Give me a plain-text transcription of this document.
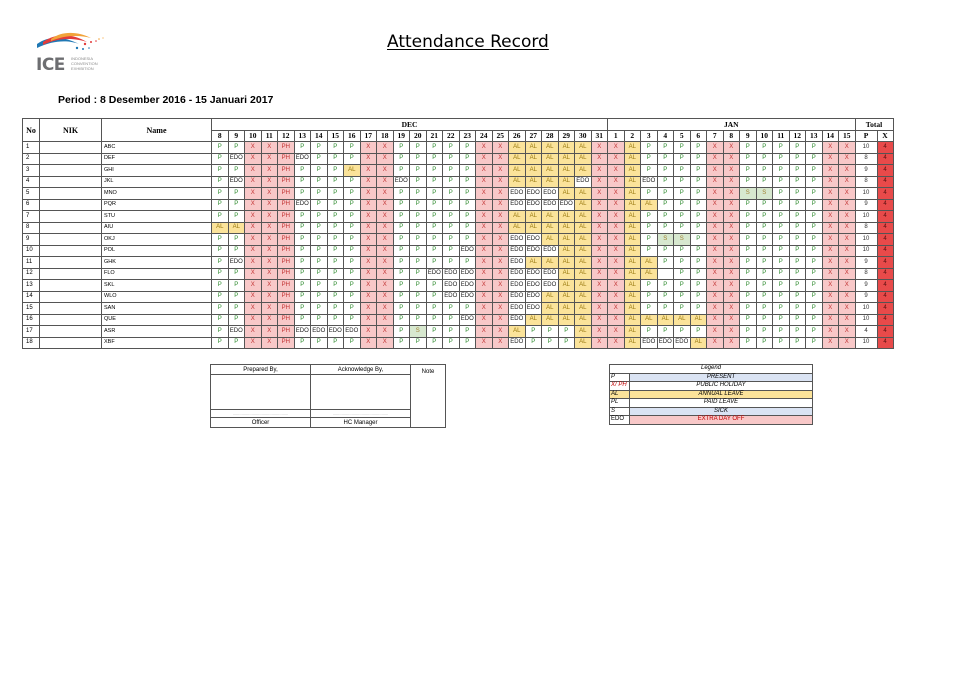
ICE INDONESIA
CONVENTION
EXHIBITION
Attendance Record
Period : 8 Desember 2016 - 15 Januari 2017
No	NIK	Name	DEC																								JAN															Total	
			8	9	10	11	12	13	14	15	16	17	18	19	20	21	22	23	24	25	26	27	28	29	30	31	1	2	3	4	5	6	7	8	9	10	11	12	13	14	15	P	X
1		ABC	P	P	X	X	PH	P	P	P	P	X	X	P	P	P	P	P	X	X	AL	AL	AL	AL	AL	X	X	AL	P	P	P	P	X	X	P	P	P	P	P	X	X	10	4
2		DEF	P	EDO	X	X	PH	EDO	P	P	P	X	X	P	P	P	P	P	X	X	AL	AL	AL	AL	AL	X	X	AL	P	P	P	P	X	X	P	P	P	P	P	X	X	8	4
3		GHI	P	P	X	X	PH	P	P	P	AL	X	X	P	P	P	P	P	X	X	AL	AL	AL	AL	AL	X	X	AL	P	P	P	P	X	X	P	P	P	P	P	X	X	9	4
4		JKL	P	EDO	X	X	PH	P	P	P	P	X	X	EDO	P	P	P	P	X	X	AL	AL	AL	AL	EDO	X	X	AL	EDO	P	P	P	X	X	P	P	P	P	P	X	X	8	4
5		MNO	P	P	X	X	PH	P	P	P	P	X	X	P	P	P	P	P	X	X	EDO	EDO	EDO	AL	AL	X	X	AL	P	P	P	P	X	X	S	S	P	P	P	X	X	10	4
6		PQR	P	P	X	X	PH	EDO	P	P	P	X	X	P	P	P	P	P	X	X	EDO	EDO	EDO	EDO	AL	X	X	AL	AL	P	P	P	X	X	P	P	P	P	P	X	X	9	4
7		STU	P	P	X	X	PH	P	P	P	P	X	X	P	P	P	P	P	X	X	AL	AL	AL	AL	AL	X	X	AL	P	P	P	P	X	X	P	P	P	P	P	X	X	10	4
8		AIU	AL	AL	X	X	PH	P	P	P	P	X	X	P	P	P	P	P	X	X	AL	AL	AL	AL	AL	X	X	AL	P	P	P	P	X	X	P	P	P	P	P	X	X	8	4
9		OKJ	P	P	X	X	PH	P	P	P	P	X	X	P	P	P	P	P	X	X	EDO	EDO	AL	AL	AL	X	X	AL	P	S	S	P	X	X	P	P	P	P	P	X	X	10	4
10		POL	P	P	X	X	PH	P	P	P	P	X	X	P	P	P	P	EDO	X	X	EDO	EDO	EDO	AL	AL	X	X	AL	P	P	P	P	X	X	P	P	P	P	P	X	X	10	4
11		GHK	P	EDO	X	X	PH	P	P	P	P	X	X	P	P	P	P	P	X	X	EDO	AL	AL	AL	AL	X	X	AL	AL	P	P	P	X	X	P	P	P	P	P	X	X	9	4
12		FLO	P	P	X	X	PH	P	P	P	P	X	X	P	P	EDO	EDO	EDO	X	X	EDO	EDO	EDO	AL	AL	X	X	AL	AL		P	P	X	X	P	P	P	P	P	X	X	8	4
13		SKL	P	P	X	X	PH	P	P	P	P	X	X	P	P	P	EDO	EDO	X	X	EDO	EDO	EDO	AL	AL	X	X	AL	P	P	P	P	X	X	P	P	P	P	P	X	X	9	4
14		WLO	P	P	X	X	PH	P	P	P	P	X	X	P	P	P	EDO	EDO	X	X	EDO	EDO	AL	AL	AL	X	X	AL	P	P	P	P	X	X	P	P	P	P	P	X	X	9	4
15		SAN	P	P	X	X	PH	P	P	P	P	X	X	P	P	P	P	P	X	X	EDO	EDO	AL	AL	AL	X	X	AL	P	P	P	P	X	X	P	P	P	P	P	X	X	10	4
16		QUE	P	P	X	X	PH	P	P	P	P	X	X	P	P	P	P	EDO	X	X	EDO	AL	AL	AL	AL	X	X	AL	AL	AL	AL	AL	X	X	P	P	P	P	P	X	X	10	4
17		ASR	P	EDO	X	X	PH	EDO	EDO	EDO	EDO	X	X	P	S	P	P	P	X	X	AL	P	P	P	AL	X	X	AL	P	P	P	P	X	X	P	P	P	P	P	X	X	4	4
18		XBF	P	P	X	X	PH	P	P	P	P	X	X	P	P	P	P	P	X	X	EDO	P	P	P	AL	X	X	AL	EDO	EDO	EDO	AL	X	X	P	P	P	P	P	X	X	10	4
Prepared By,	Acknowledge By,	Note

..................................................	..................................................	
Officer	HC Manager	
Legend	
P	PRESENT
X/ PH	PUBLIC HOLIDAY
AL	ANNUAL LEAVE
PL	PAID LEAVE
S	SICK
EDO	EXTRA DAY OFF
